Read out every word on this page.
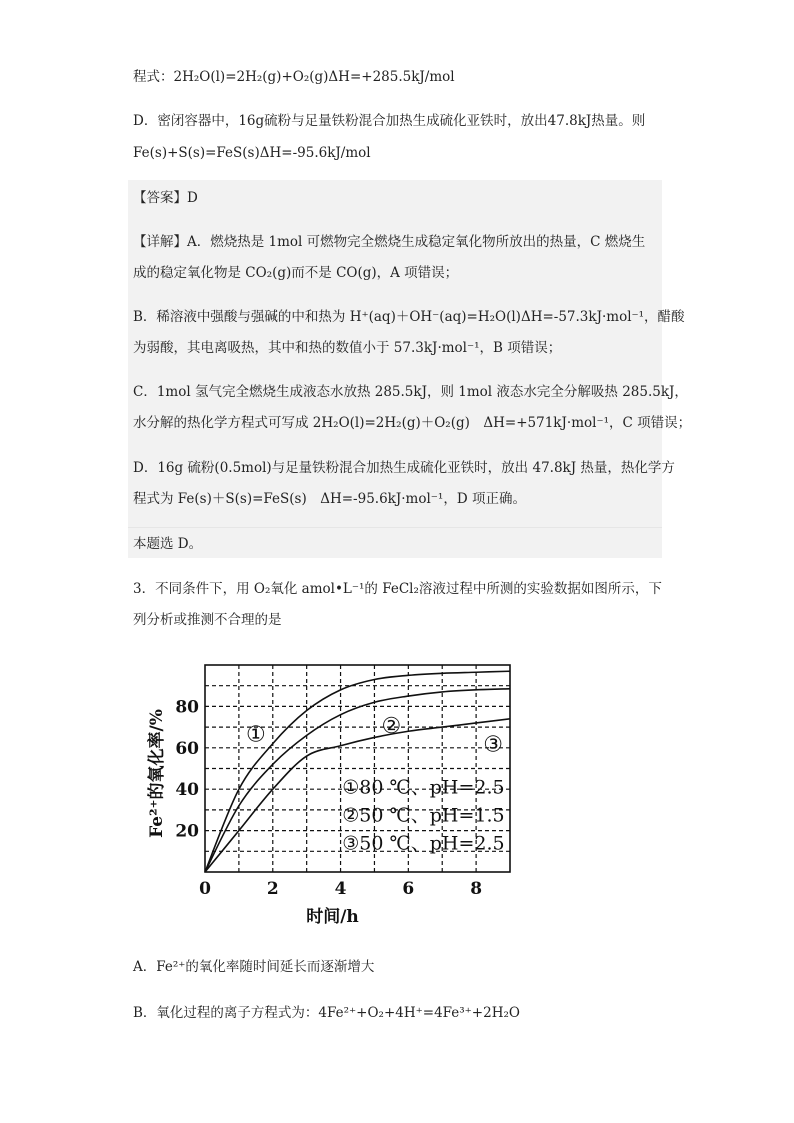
程式：2H₂O(l)=2H₂(g)+O₂(g)ΔH=+285.5kJ/mol
D．密闭容器中，16g硫粉与足量铁粉混合加热生成硫化亚铁时，放出47.8kJ热量。则
Fe(s)+S(s)=FeS(s)ΔH=-95.6kJ/mol
【答案】D
【详解】A．燃烧热是 1mol 可燃物完全燃烧生成稳定氧化物所放出的热量，C 燃烧生
成的稳定氧化物是 CO₂(g)而不是 CO(g)，A 项错误；
B．稀溶液中强酸与强碱的中和热为 H⁺(aq)＋OH⁻(aq)=H₂O(l)ΔH=-57.3kJ·mol⁻¹，醋酸
为弱酸，其电离吸热，其中和热的数值小于 57.3kJ·mol⁻¹，B 项错误；
C．1mol 氢气完全燃烧生成液态水放热 285.5kJ，则 1mol 液态水完全分解吸热 285.5kJ，
水分解的热化学方程式可写成 2H₂O(l)=2H₂(g)＋O₂(g)　ΔH=+571kJ·mol⁻¹，C 项错误；
D．16g 硫粉(0.5mol)与足量铁粉混合加热生成硫化亚铁时，放出 47.8kJ 热量，热化学方
程式为 Fe(s)＋S(s)=FeS(s)　ΔH=-95.6kJ·mol⁻¹，D 项正确。
本题选 D。
3．不同条件下，用 O₂氧化 amol•L⁻¹的 FeCl₂溶液过程中所测的实验数据如图所示，下
列分析或推测不合理的是
0	2	4	6	8
20
40
60
80
①	②
③
①80 ℃、pH=2.5
②50 ℃、pH=1.5
③50 ℃、pH=2.5
时间/h
Fe²⁺的氧化率/%
A．Fe²⁺的氧化率随时间延长而逐渐增大
B．氧化过程的离子方程式为：4Fe²⁺+O₂+4H⁺=4Fe³⁺+2H₂O
